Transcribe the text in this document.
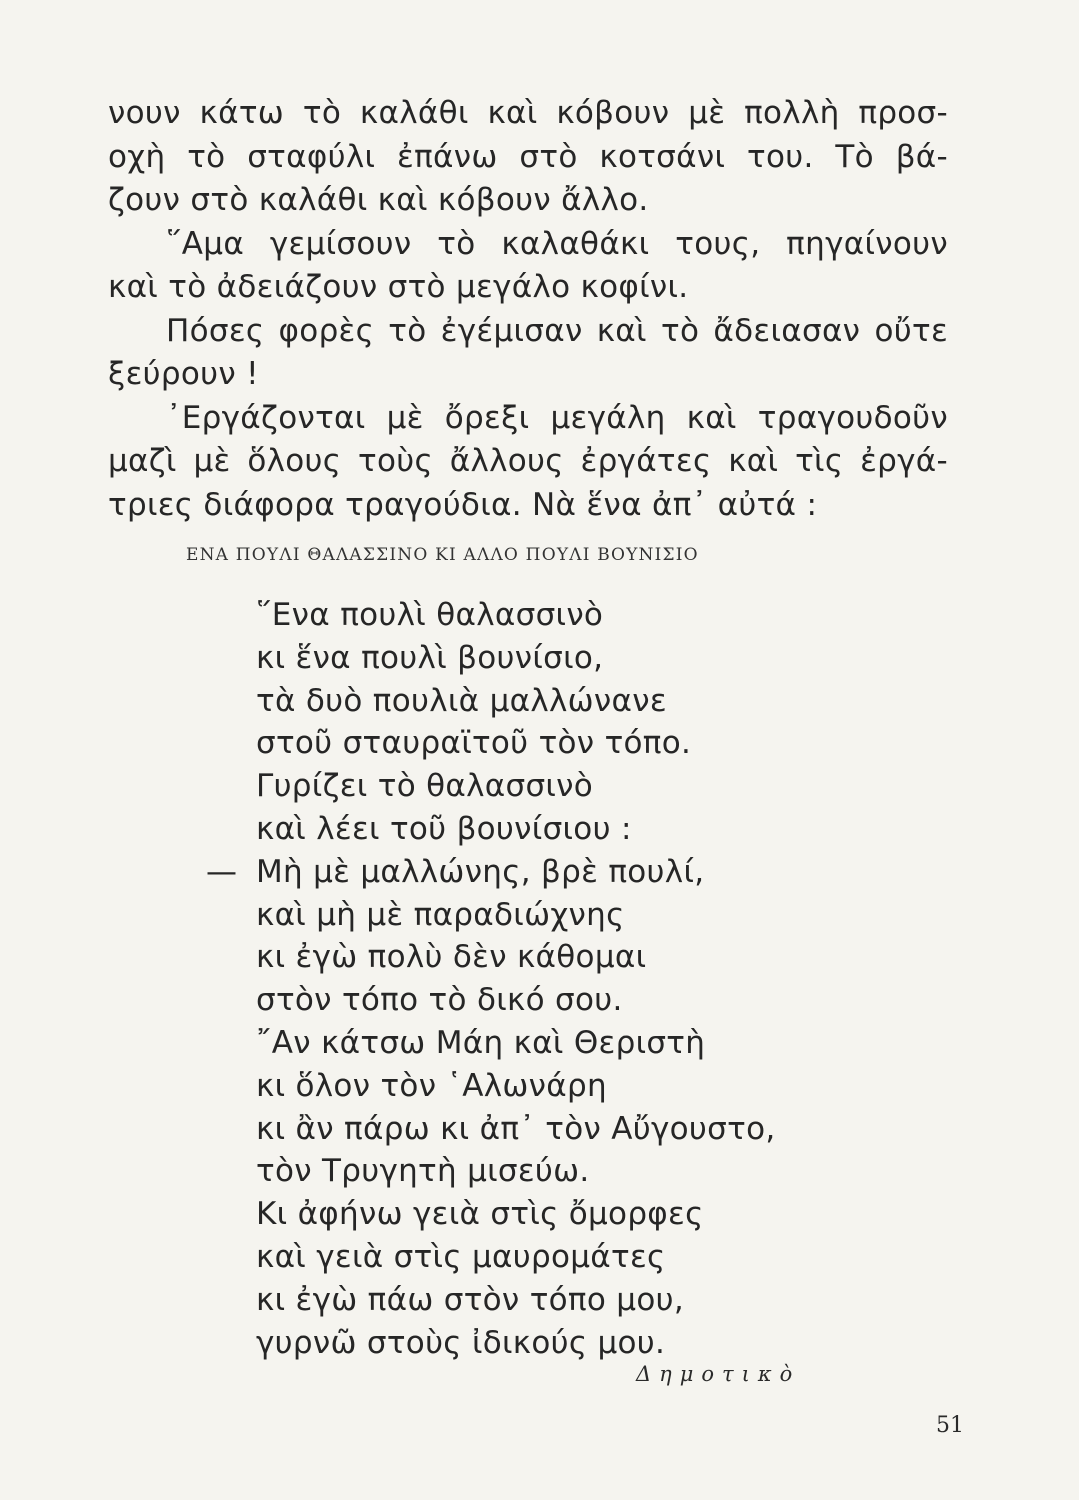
νουν κάτω τὸ καλάθι καὶ κόβουν μὲ πολλὴ προσ-
οχὴ τὸ σταφύλι ἐπάνω στὸ κοτσάνι του. Τὸ βά-
ζουν στὸ καλάθι καὶ κόβουν ἄλλο.
῞Αμα γεμίσουν τὸ καλαθάκι τους, πηγαίνουν
καὶ τὸ ἀδειάζουν στὸ μεγάλο κοφίνι.
Πόσες φορὲς τὸ ἐγέμισαν καὶ τὸ ἄδειασαν οὔτε
ξεύρουν !
᾿Εργάζονται μὲ ὄρεξι μεγάλη καὶ τραγουδοῦν
μαζὶ μὲ ὅλους τοὺς ἄλλους ἐργάτες καὶ τὶς ἐργά-
τριες διάφορα τραγούδια. Νὰ ἕνα ἀπ᾿ αὐτά :
ΕΝΑ ΠΟΥΛΙ ΘΑΛΑΣΣΙΝΟ ΚΙ ΑΛΛΟ ΠΟΥΛΙ ΒΟΥΝΙΣΙΟ
῞Ενα πουλὶ θαλασσινὸ
κι ἕνα πουλὶ βουνίσιο,
τὰ δυὸ πουλιὰ μαλλώνανε
στοῦ σταυραϊτοῦ τὸν τόπο.
Γυρίζει τὸ θαλασσινὸ
καὶ λέει τοῦ βουνίσιου :
— Μὴ μὲ μαλλώνης, βρὲ πουλί,
καὶ μὴ μὲ παραδιώχνης
κι ἐγὼ πολὺ δὲν κάθομαι
στὸν τόπο τὸ δικό σου.
῎Αν κάτσω Μάη καὶ Θεριστὴ
κι ὅλον τὸν ῾Αλωνάρη
κι ἂν πάρω κι ἀπ᾿ τὸν Αὔγουστο,
τὸν Τρυγητὴ μισεύω.
Κι ἀφήνω γειὰ στὶς ὄμορφες
καὶ γειὰ στὶς μαυρομάτες
κι ἐγὼ πάω στὸν τόπο μου,
γυρνῶ στοὺς ἰδικούς μου.
Δημοτικὸ
51
